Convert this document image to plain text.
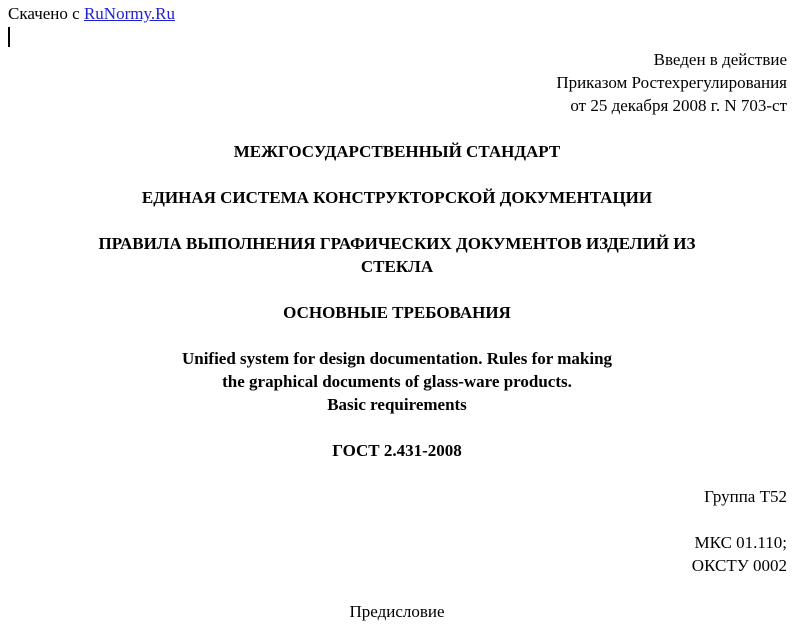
Скачено с RuNormy.Ru
Введен в действие
Приказом Ростехрегулирования
от 25 декабря 2008 г. N 703-ст
МЕЖГОСУДАРСТВЕННЫЙ СТАНДАРТ
ЕДИНАЯ СИСТЕМА КОНСТРУКТОРСКОЙ ДОКУМЕНТАЦИИ
ПРАВИЛА ВЫПОЛНЕНИЯ ГРАФИЧЕСКИХ ДОКУМЕНТОВ ИЗДЕЛИЙ ИЗ
СТЕКЛА
ОСНОВНЫЕ ТРЕБОВАНИЯ
Unified system for design documentation. Rules for making
the graphical documents of glass-ware products.
Basic requirements
ГОСТ 2.431-2008
Группа Т52
МКС 01.110;
ОКСТУ 0002
Предисловие
